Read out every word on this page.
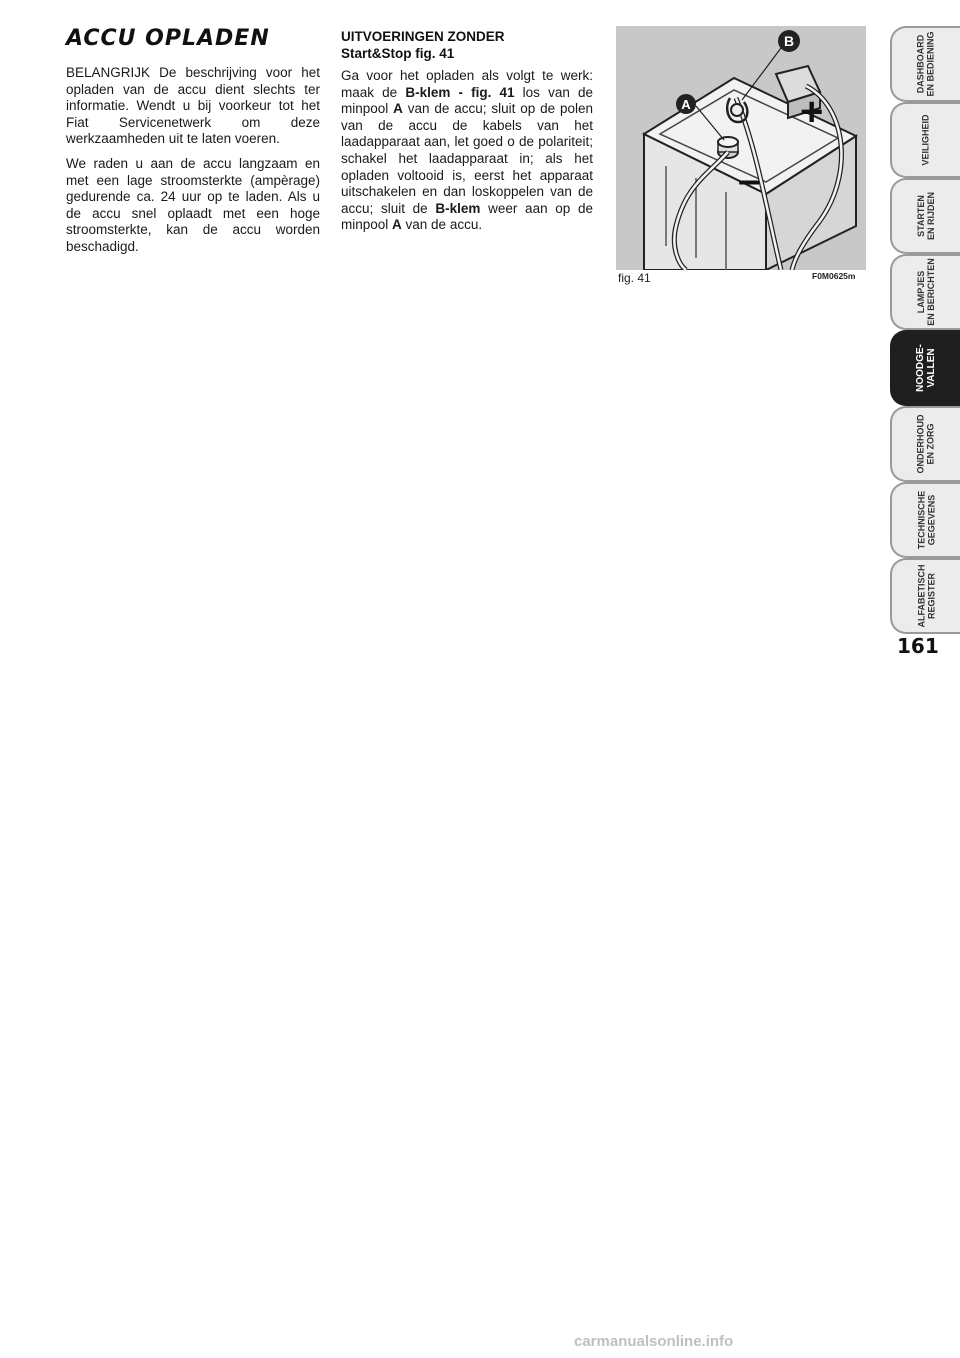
ACCU OPLADEN

BELANGRIJK De beschrijving voor het opladen van de accu dient slechts ter informatie. Wendt u bij voorkeur tot het Fiat Servicenetwerk om deze werkzaamheden uit te laten voeren.

We raden u aan de accu langzaam en met een lage stroomsterkte (ampèrage) gedurende ca. 24 uur op te laden. Als u de accu snel oplaadt met een hoge stroomsterkte, kan de accu worden beschadigd.

UITVOERINGEN ZONDER
Start&Stop fig. 41

Ga voor het opladen als volgt te werk: maak de B-klem - fig. 41 los van de minpool A van de accu; sluit op de polen van de accu de kabels van het laadapparaat aan, let goed o de polariteit; schakel het laadapparaat in; als het opladen voltooid is, eerst het apparaat uitschakelen en dan loskoppelen van de accu; sluit de B-klem weer aan op de minpool A van de accu.

A
B
+
–
fig. 41	F0M0625m
DASHBOARD
EN BEDIENING
VEILIGHEID
STARTEN
EN RIJDEN
LAMPJES
EN BERICHTEN
NOODGE-
VALLEN
ONDERHOUD
EN ZORG
TECHNISCHE
GEGEVENS
ALFABETISCH
REGISTER
161
carmanualsonline.info
